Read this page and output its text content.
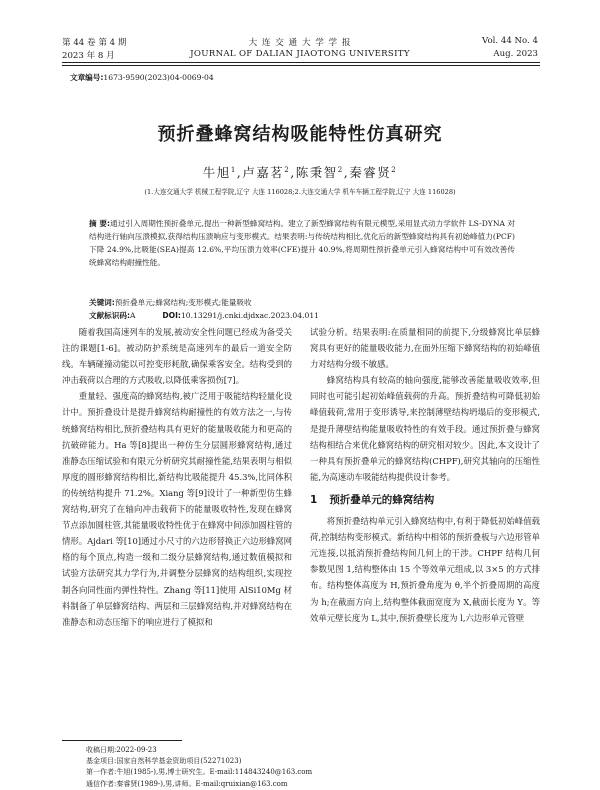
第 44 卷 第 4 期
2023 年 8 月
大 连 交 通 大 学 学 报
JOURNAL OF DALIAN JIAOTONG UNIVERSITY
Vol. 44 No. 4
Aug. 2023
文章编号:1673-9590(2023)04-0069-04
预折叠蜂窝结构吸能特性仿真研究
牛旭$^1$,卢嘉茗$^2$,陈秉智$^2$,秦睿贤$^2$
(1.大连交通大学 机械工程学院,辽宁 大连 116028;2.大连交通大学 机车车辆工程学院,辽宁 大连 116028)
摘 要:通过引入周期性预折叠单元,提出一种新型蜂窝结构。建立了新型蜂窝结构有限元模型,采用显式动力学软件 LS-DYNA 对结构进行轴向压溃模拟,获得结构压溃响应与变形模式。结果表明:与传统结构相比,优化后的新型蜂窝结构具有初始峰值力(PCF)下降 24.9%,比吸能(SEA)提高 12.6%,平均压溃力效率(CFE)提升 40.9%,将周期性预折叠单元引入蜂窝结构中可有效改善传统蜂窝结构耐撞性能。
关键词:预折叠单元;蜂窝结构;变形模式;能量吸收
文献标识码:A	DOI:10.13291/j.cnki.djdxac.2023.04.011

随着我国高速列车的发展,被动安全性问题已经成为备受关注的课题[1-6]。被动防护系统是高速列车的最后一道安全防线。车辆碰撞动能以可控变形耗散,确保乘客安全。结构受到的冲击载荷以合理的方式吸收,以降低乘客损伤[7]。

重量轻、强度高的蜂窝结构,被广泛用于吸能结构轻量化设计中。预折叠设计是提升蜂窝结构耐撞性的有效方法之一,与传统蜂窝结构相比,预折叠结构具有更好的能量吸收能力和更高的抗破碎能力。Ha 等[8]提出一种仿生分层圆形蜂窝结构,通过准静态压缩试验和有限元分析研究其耐撞性能,结果表明与相似厚度的圆形蜂窝结构相比,新结构比吸能提升 45.3%,比同体积的传统结构提升 71.2%。Xiang 等[9]设计了一种新型仿生蜂窝结构,研究了在轴向冲击载荷下的能量吸收特性,发现在蜂窝节点添加圆柱管,其能量吸收特性优于在蜂窝中间添加圆柱管的情形。Ajdari 等[10]通过小尺寸的六边形替换正六边形蜂窝网格的每个顶点,构造一级和二级分层蜂窝结构,通过数值模拟和试验方法研究其力学行为,并调整分层蜂窝的结构组织,实现控制各向同性面内弹性特性。Zhang 等[11]使用 AlSi10Mg 材料制备了单层蜂窝结构、两层和三层蜂窝结构,并对蜂窝结构在准静态和动态压缩下的响应进行了模拟和

试验分析。结果表明:在质量相同的前提下,分级蜂窝比单层蜂窝具有更好的能量吸收能力,在面外压缩下蜂窝结构的初始峰值力对结构分级不敏感。

蜂窝结构具有较高的轴向强度,能够改善能量吸收效率,但同时也可能引起初始峰值载荷的升高。预折叠结构可降低初始峰值载荷,常用于变形诱导,来控制薄壁结构坍塌后的变形模式,是提升薄壁结构能量吸收特性的有效手段。通过预折叠与蜂窝结构相结合来优化蜂窝结构的研究相对较少。因此,本文设计了一种具有预折叠单元的蜂窝结构(CHPF),研究其轴向的压缩性能,为高速动车吸能结构提供设计参考。

1 预折叠单元的蜂窝结构

将预折叠结构单元引入蜂窝结构中,有利于降低初始峰值载荷,控制结构变形模式。新结构中相邻的预折叠板与六边形管单元连接,以抵消预折叠结构间几何上的干涉。CHPF 结构几何参数见图 1,结构整体由 15 个等效单元组成,以 3×5 的方式排布。结构整体高度为 H,预折叠角度为 θ,半个折叠周期的高度为 h;在截面方向上,结构整体截面宽度为 X,截面长度为 Y。等效单元壁长度为 L,其中,预折叠壁长度为 l,六边形单元管壁

收稿日期:2022-09-23
基金项目:国家自然科学基金资助项目(52271023)
第一作者:牛旭(1985-),男,博士研究生。E-mail:114843240@163.com
通信作者:秦睿贤(1989-),男,讲师。E-mail:qruixian@163.com
